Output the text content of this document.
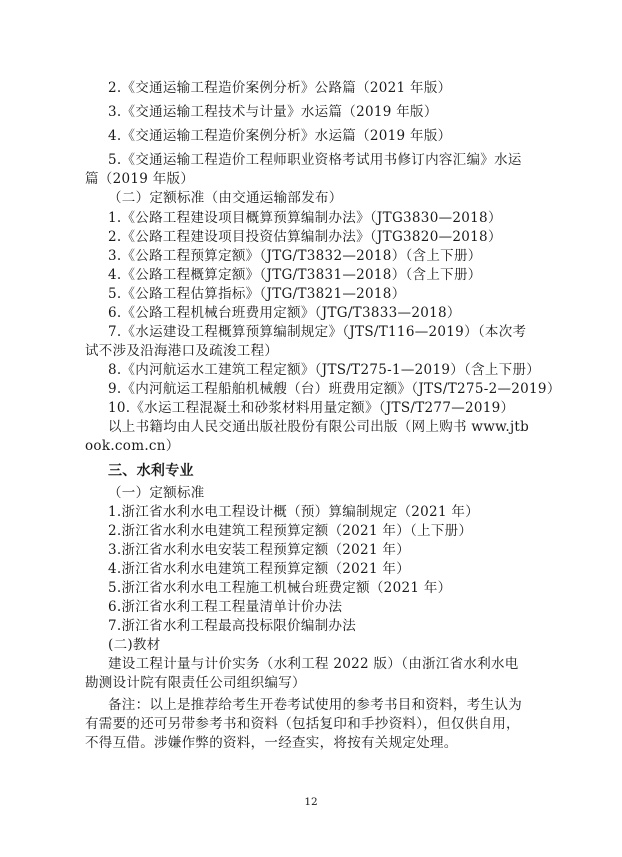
2.《交通运输工程造价案例分析》公路篇（2021 年版）
3.《交通运输工程技术与计量》水运篇（2019 年版）
4.《交通运输工程造价案例分析》水运篇（2019 年版）
5.《交通运输工程造价工程师职业资格考试用书修订内容汇编》水运
篇（2019 年版）
（二）定额标准（由交通运输部发布）
1.《公路工程建设项目概算预算编制办法》（JTG3830—2018）
2.《公路工程建设项目投资估算编制办法》（JTG3820—2018）
3.《公路工程预算定额》（JTG/T3832—2018）（含上下册）
4.《公路工程概算定额》（JTG/T3831—2018）（含上下册）
5.《公路工程估算指标》（JTG/T3821—2018）
6.《公路工程机械台班费用定额》（JTG/T3833—2018）
7.《水运建设工程概算预算编制规定》（JTS/T116—2019）（本次考
试不涉及沿海港口及疏浚工程）
8.《内河航运水工建筑工程定额》（JTS/T275-1—2019）（含上下册）
9.《内河航运工程船舶机械艘（台）班费用定额》（JTS/T275-2—2019）
10.《水运工程混凝土和砂浆材料用量定额》（JTS/T277—2019）
以上书籍均由人民交通出版社股份有限公司出版（网上购书 www.jtb
ook.com.cn）
三、水利专业
（一）定额标准
1.浙江省水利水电工程设计概（预）算编制规定（2021 年）
2.浙江省水利水电建筑工程预算定额（2021 年）（上下册）
3.浙江省水利水电安装工程预算定额（2021 年）
4.浙江省水利水电建筑工程预算定额（2021 年）
5.浙江省水利水电工程施工机械台班费定额（2021 年）
6.浙江省水利工程工程量清单计价办法
7.浙江省水利工程最高投标限价编制办法
(二)教材
建设工程计量与计价实务（水利工程 2022 版）（由浙江省水利水电
勘测设计院有限责任公司组织编写）
备注：以上是推荐给考生开卷考试使用的参考书目和资料，考生认为
有需要的还可另带参考书和资料（包括复印和手抄资料），但仅供自用，
不得互借。涉嫌作弊的资料，一经查实，将按有关规定处理。
12
